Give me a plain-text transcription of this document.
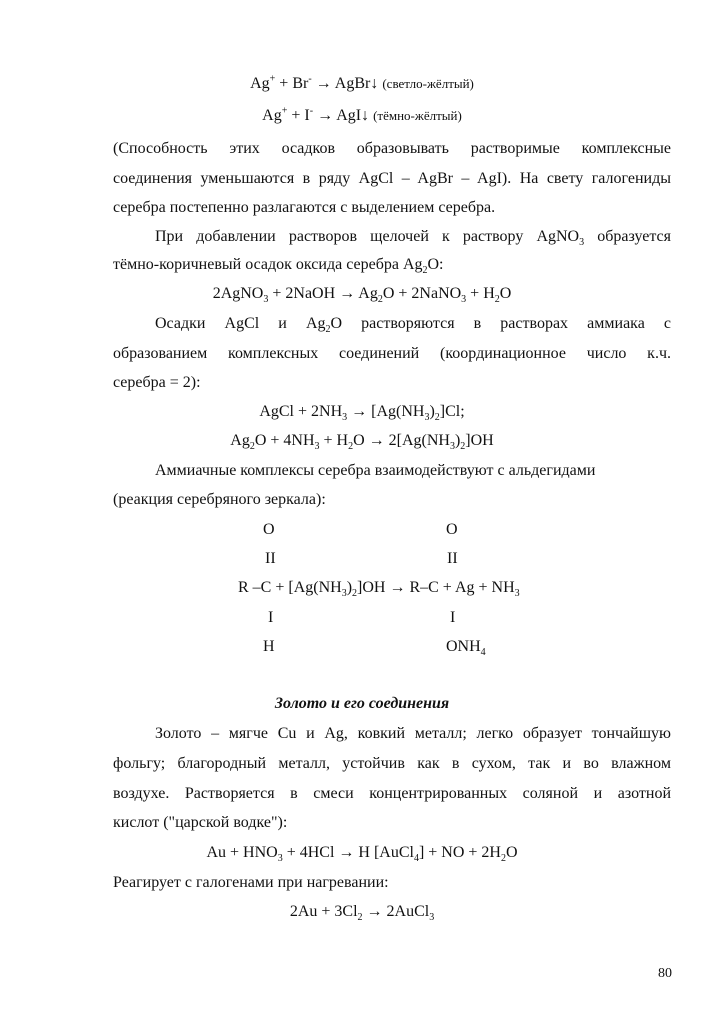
Ag+ + Br- → AgBr↓ (светло-жёлтый)
Ag+ + I- → AgI↓ (тёмно-жёлтый)
(Способность этих осадков образовывать растворимые комплексные
соединения уменьшаются в ряду AgCl – AgBr – AgI). На свету галогениды
серебра постепенно разлагаются с выделением серебра.
При добавлении растворов щелочей к раствору AgNO$_3$ образуется
тёмно-коричневый осадок оксида серебра $Ag_2O$:
2AgNO$_3$ + 2NaOH → $Ag_2O$ + 2NaNO$_3$ + $H_2O$
Осадки AgCl и $Ag_2O$ растворяются в растворах аммиака с
образованием комплексных соединений (координационное число к.ч.
серебра = 2):
AgCl + $2NH_3 \to [Ag(NH_3)_2]Cl$;
$Ag_2O + 4NH_3 + H_2O \to 2[Ag(NH_3)_2]OH$
Аммиачные комплексы серебра взаимодействуют с альдегидами
(реакция серебряного зеркала):
O	O
II	II
R $-C + [Ag(NH_3)_2]OH \to R-C + Ag + NH_3$
I	I
H	$ONH_4$
Золото и его соединения
Золото – мягче Cu и Ag, ковкий металл; легко образует тончайшую
фольгу; благородный металл, устойчив как в сухом, так и во влажном
воздухе. Растворяется в смеси концентрированных соляной и азотной
кислот ("царской водке"):
$Au + HNO_3 + 4HCl \to H$ [AuCl$_4$] + NO + $2H_2O$
Реагирует с галогенами при нагревании:
$2Au + 3Cl_2$ → 2AuCl$_3$
80
